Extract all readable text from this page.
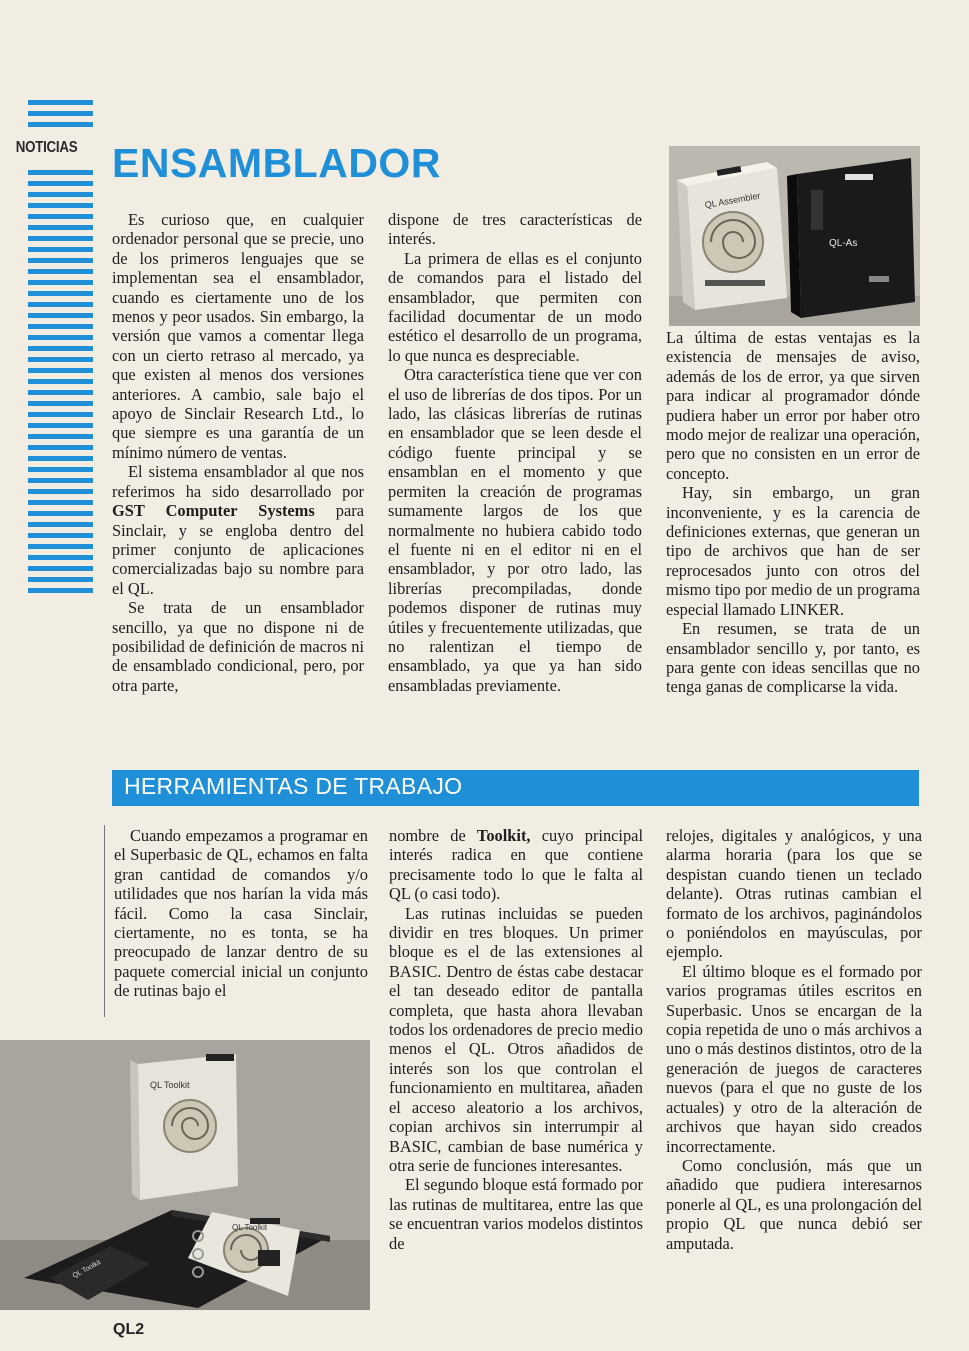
NOTICIAS ENSAMBLADOR

Es curioso que, en cualquier ordenador personal que se precie, uno de los primeros lenguajes que se implementan sea el ensamblador, cuando es ciertamente uno de los menos y peor usados. Sin embargo, la versión que vamos a comentar llega con un cierto retraso al mercado, ya que existen al menos dos versiones anteriores. A cambio, sale bajo el apoyo de Sinclair Research Ltd., lo que siempre es una garantía de un mínimo número de ventas.

El sistema ensamblador al que nos referimos ha sido desarrollado por GST Computer Systems para Sinclair, y se engloba dentro del primer conjunto de aplicaciones comercializadas bajo su nombre para el QL.

Se trata de un ensamblador sencillo, ya que no dispone ni de posibilidad de definición de macros ni de ensamblado condicional, pero, por otra parte,

dispone de tres características de interés.

La primera de ellas es el conjunto de comandos para el listado del ensamblador, que permiten con facilidad documentar de un modo estético el desarrollo de un programa, lo que nunca es despreciable.

Otra característica tiene que ver con el uso de librerías de dos tipos. Por un lado, las clásicas librerías de rutinas en ensamblador que se leen desde el código fuente principal y se ensamblan en el momento y que permiten la creación de programas sumamente largos de los que normalmente no hubiera cabido todo el fuente ni en el editor ni en el ensamblador, y por otro lado, las librerías precompiladas, donde podemos disponer de rutinas muy útiles y frecuentemente utilizadas, que no ralentizan el tiempo de ensamblado, ya que ya han sido ensambladas previamente.

QL Assembler
QL-As

La última de estas ventajas es la existencia de mensajes de aviso, además de los de error, ya que sirven para indicar al programador dónde pudiera haber un error por haber otro modo mejor de realizar una operación, pero que no consisten en un error de concepto.

Hay, sin embargo, un gran inconveniente, y es la carencia de definiciones externas, que generan un tipo de archivos que han de ser reprocesados junto con otros del mismo tipo por medio de un programa especial llamado LINKER.

En resumen, se trata de un ensamblador sencillo y, por tanto, es para gente con ideas sencillas que no tenga ganas de complicarse la vida.

HERRAMIENTAS DE TRABAJO

Cuando empezamos a programar en el Superbasic de QL, echamos en falta gran cantidad de comandos y/o utilidades que nos harían la vida más fácil. Como la casa Sinclair, ciertamente, no es tonta, se ha preocupado de lanzar dentro de su paquete comercial inicial un conjunto de rutinas bajo el

QL Toolkit
QL Toolkit
QL Toolkit

nombre de Toolkit, cuyo principal interés radica en que contiene precisamente todo lo que le falta al QL (o casi todo).

Las rutinas incluidas se pueden dividir en tres bloques. Un primer bloque es el de las extensiones al BASIC. Dentro de éstas cabe destacar el tan deseado editor de pantalla completa, que hasta ahora llevaban todos los ordenadores de precio medio menos el QL. Otros añadidos de interés son los que controlan el funcionamiento en multitarea, añaden el acceso aleatorio a los archivos, copian archivos sin interrumpir al BASIC, cambian de base numérica y otra serie de funciones interesantes.

El segundo bloque está formado por las rutinas de multitarea, entre las que se encuentran varios modelos distintos de

relojes, digitales y analógicos, y una alarma horaria (para los que se despistan cuando tienen un teclado delante). Otras rutinas cambian el formato de los archivos, paginándolos o poniéndolos en mayúsculas, por ejemplo.

El último bloque es el formado por varios programas útiles escritos en Superbasic. Unos se encargan de la copia repetida de uno o más archivos a uno o más destinos distintos, otro de la generación de juegos de caracteres nuevos (para el que no guste de los actuales) y otro de la alteración de archivos que hayan sido creados incorrectamente.

Como conclusión, más que un añadido que pudiera interesarnos ponerle al QL, es una prolongación del propio QL que nunca debió ser amputada.

QL2
